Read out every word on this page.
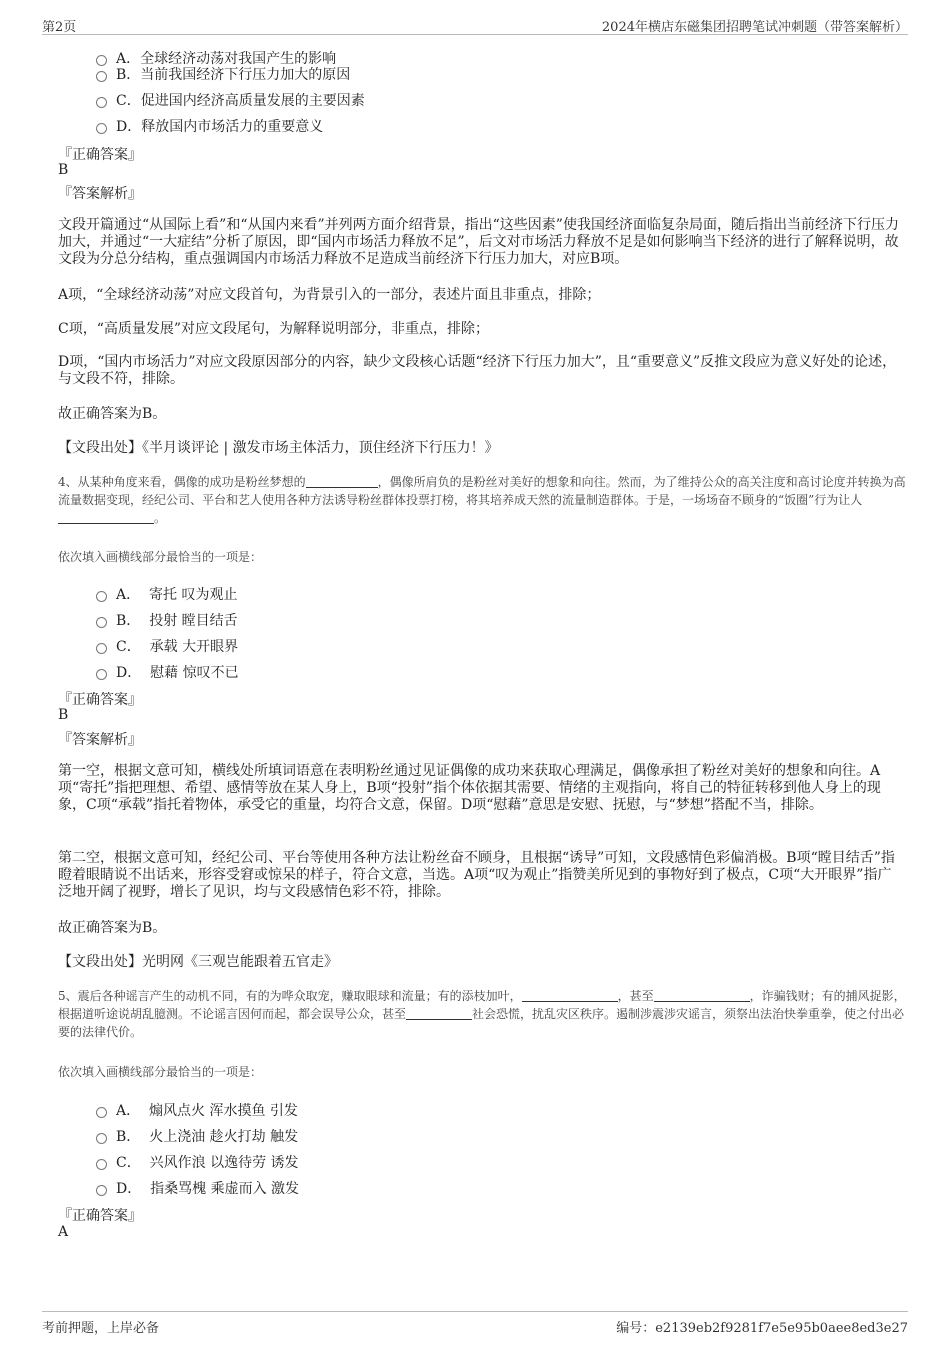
第2页	2024年横店东磁集团招聘笔试冲刺题（带答案解析）
A．全球经济动荡对我国产生的影响
B．当前我国经济下行压力加大的原因
C．促进国内经济高质量发展的主要因素
D．释放国内市场活力的重要意义
『正确答案』
B
『答案解析』
文段开篇通过“从国际上看”和“从国内来看”并列两方面介绍背景，指出“这些因素”使我国经济面临复杂局面，随后指出当前经济下行压力加大，并通过“一大症结”分析了原因，即“国内市场活力释放不足”，后文对市场活力释放不足是如何影响当下经济的进行了解释说明，故文段为分总分结构，重点强调国内市场活力释放不足造成当前经济下行压力加大，对应B项。
A项，“全球经济动荡”对应文段首句，为背景引入的一部分，表述片面且非重点，排除；
C项，“高质量发展”对应文段尾句，为解释说明部分，非重点，排除；
D项，“国内市场活力”对应文段原因部分的内容，缺少文段核心话题“经济下行压力加大”，且“重要意义”反推文段应为意义好处的论述，与文段不符，排除。
故正确答案为B。
【文段出处】《半月谈评论 | 激发市场主体活力，顶住经济下行压力！》
4、从某种角度来看，偶像的成功是粉丝梦想的	，偶像所肩负的是粉丝对美好的想象和向往。然而，为了维持公众的高关注度和高讨论度并转换为高流量数据变现，经纪公司、平台和艺人使用各种方法诱导粉丝群体投票打榜，将其培养成天然的流量制造群体。于是，一场场奋不顾身的“饭圈”行为让人。
依次填入画横线部分最恰当的一项是：
A． 寄托 叹为观止
B． 投射 瞠目结舌
C． 承载 大开眼界
D． 慰藉 惊叹不已
『正确答案』
B
『答案解析』
第一空，根据文意可知，横线处所填词语意在表明粉丝通过见证偶像的成功来获取心理满足，偶像承担了粉丝对美好的想象和向往。A项“寄托”指把理想、希望、感情等放在某人身上，B项“投射”指个体依据其需要、情绪的主观指向，将自己的特征转移到他人身上的现象，C项“承载”指托着物体，承受它的重量，均符合文意，保留。D项“慰藉”意思是安慰、抚慰，与“梦想”搭配不当，排除。
第二空，根据文意可知，经纪公司、平台等使用各种方法让粉丝奋不顾身，且根据“诱导”可知，文段感情色彩偏消极。B项“瞠目结舌”指瞪着眼睛说不出话来，形容受窘或惊呆的样子，符合文意，当选。A项“叹为观止”指赞美所见到的事物好到了极点，C项“大开眼界”指广泛地开阔了视野，增长了见识，均与文段感情色彩不符，排除。
故正确答案为B。
【文段出处】光明网《三观岂能跟着五官走》
5、震后各种谣言产生的动机不同，有的为哗众取宠，赚取眼球和流量；有的添枝加叶，	，甚至	，诈骗钱财；有的捕风捉影，根据道听途说胡乱臆测。不论谣言因何而起，都会误导公众，甚至	社会恐慌，扰乱灾区秩序。遏制涉震涉灾谣言，须祭出法治快拳重拳，使之付出必要的法律代价。
依次填入画横线部分最恰当的一项是：
A． 煽风点火 浑水摸鱼 引发
B． 火上浇油 趁火打劫 触发
C． 兴风作浪 以逸待劳 诱发
D． 指桑骂槐 乘虚而入 激发
『正确答案』
A
考前押题，上岸必备	编号：e2139eb2f9281f7e5e95b0aee8ed3e27
